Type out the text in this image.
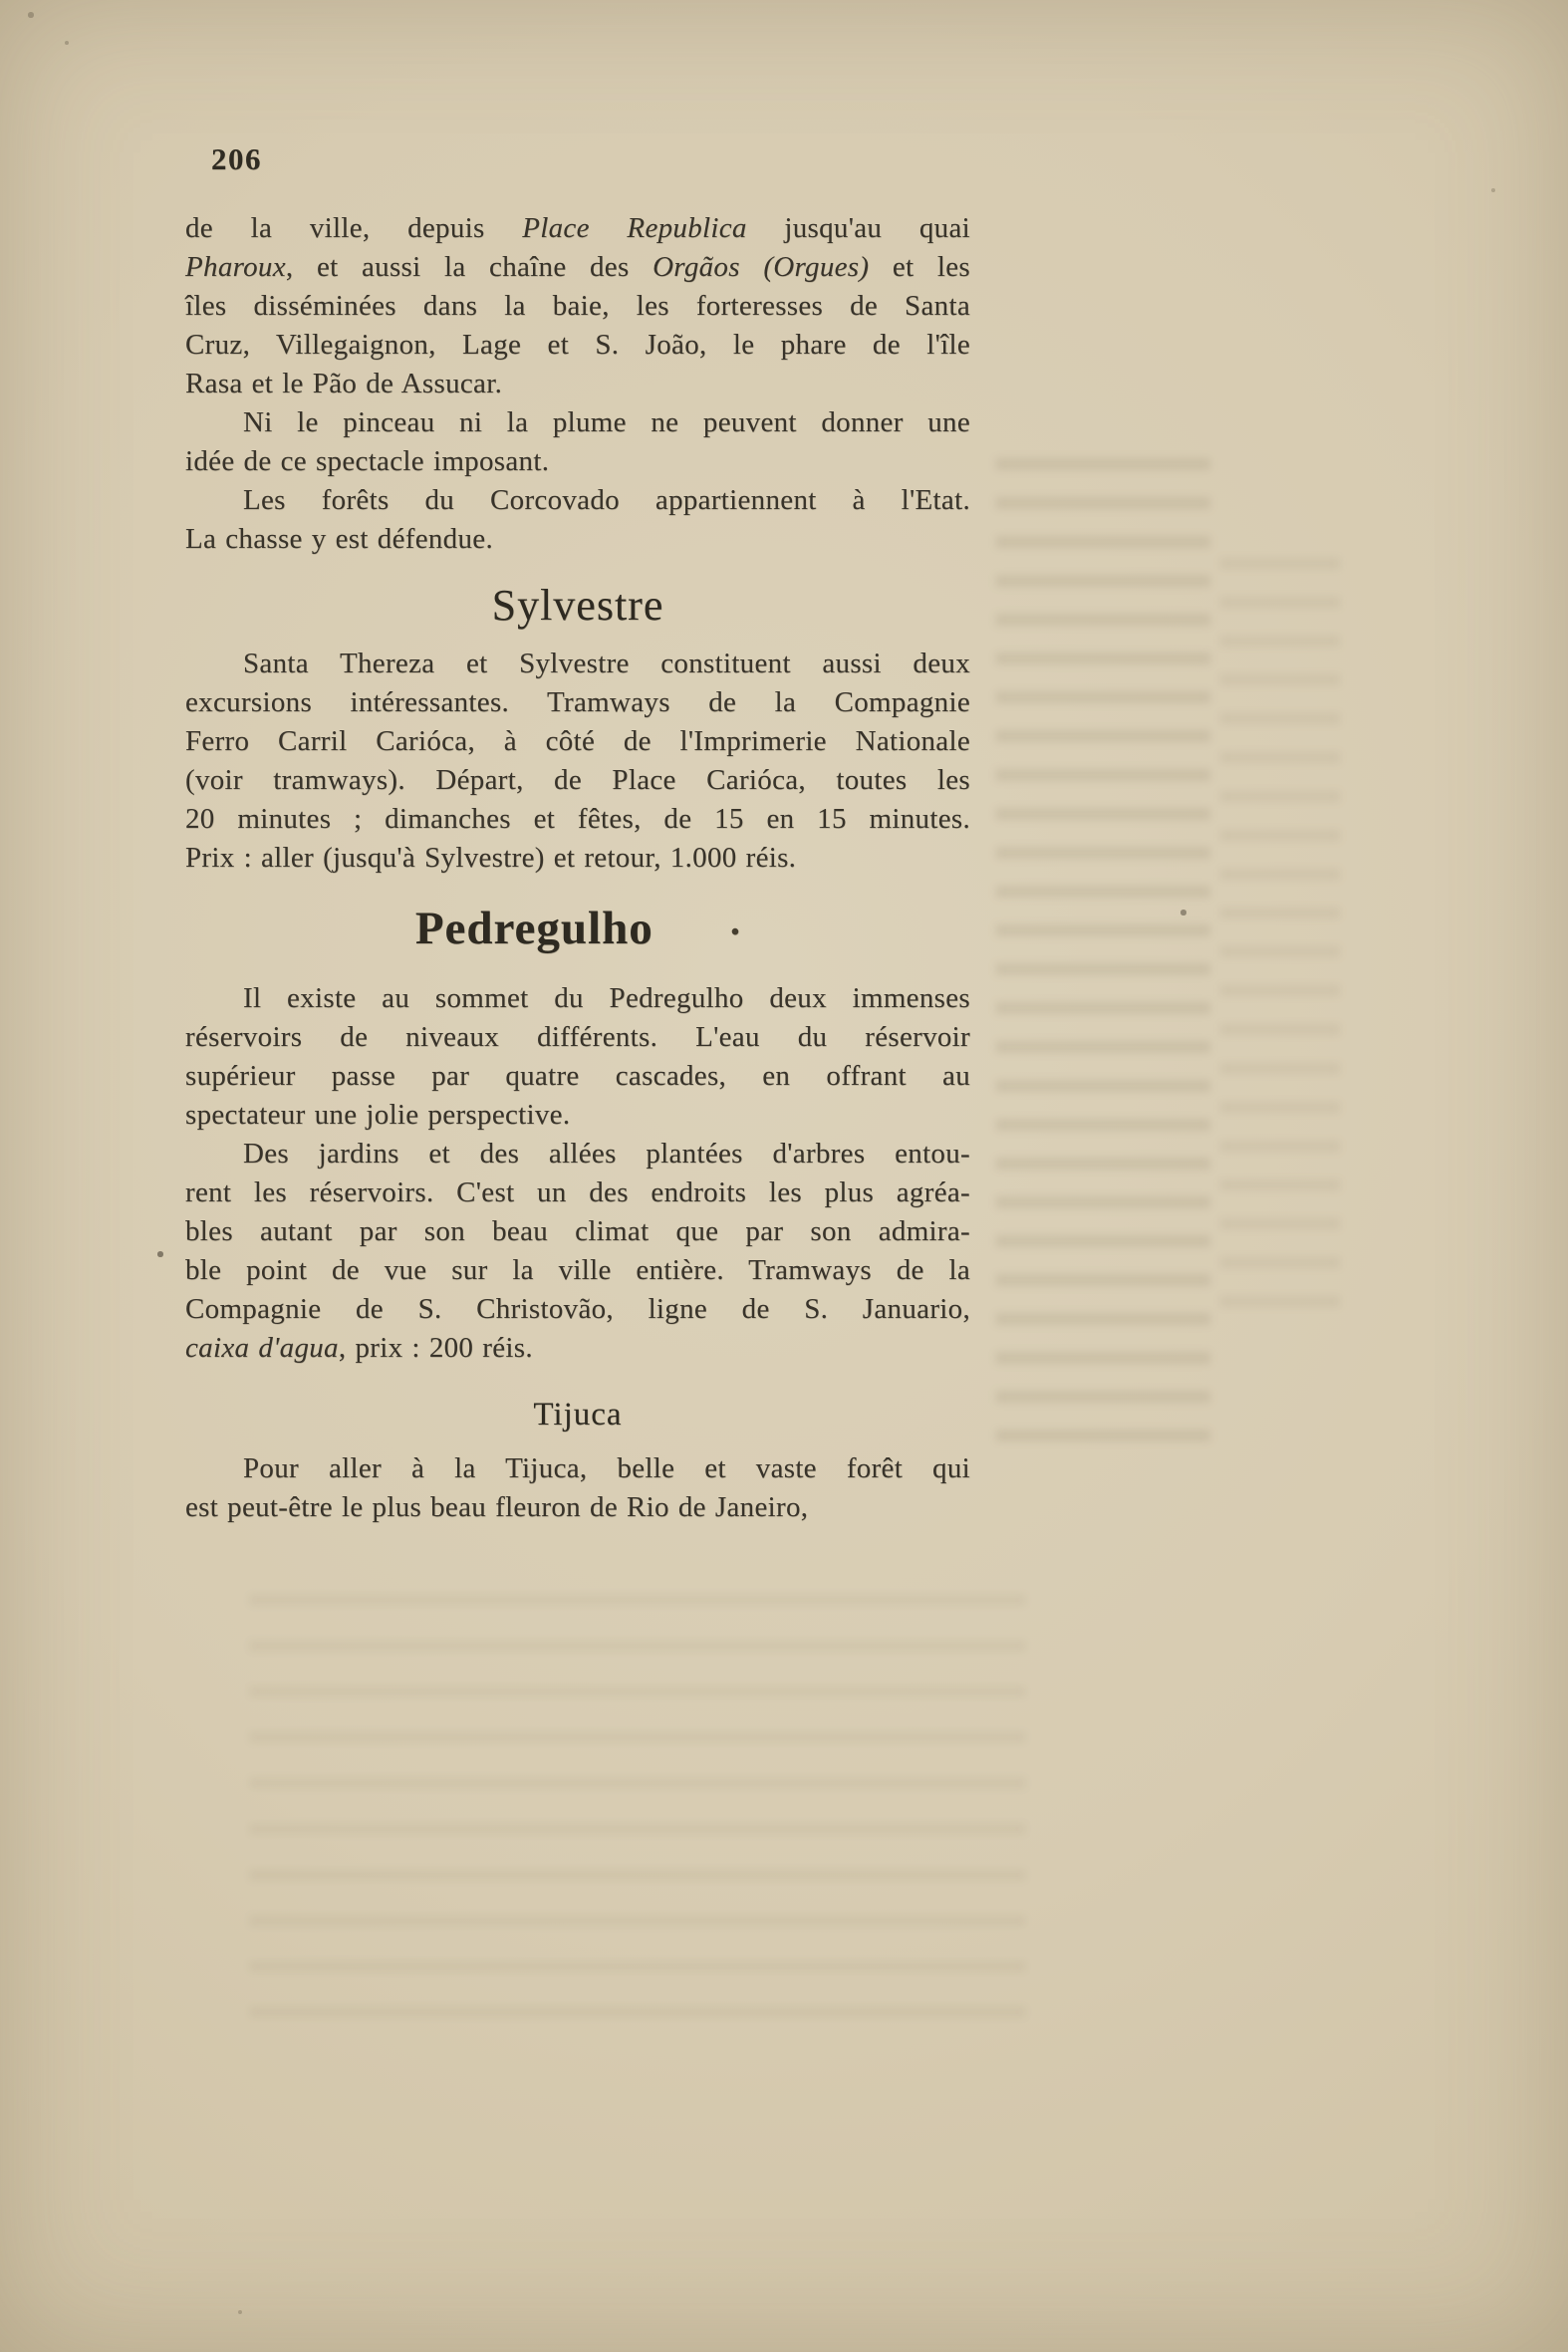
206
de la ville, depuis Place Republica jusqu'au quai
Pharoux, et aussi la chaîne des Orgãos (Orgues) et les
îles disséminées dans la baie, les forteresses de Santa
Cruz, Villegaignon, Lage et S. João, le phare de l'île
Rasa et le Pão de Assucar.
Ni le pinceau ni la plume ne peuvent donner une
idée de ce spectacle imposant.
Les forêts du Corcovado appartiennent à l'Etat.
La chasse y est défendue.
Sylvestre
Santa Thereza et Sylvestre constituent aussi deux
excursions intéressantes. Tramways de la Compagnie
Ferro Carril Carióca, à côté de l'Imprimerie Nationale
(voir tramways). Départ, de Place Carióca, toutes les
20 minutes ; dimanches et fêtes, de 15 en 15 minutes.
Prix : aller (jusqu'à Sylvestre) et retour, 1.000 réis.
Pedregulho	•
Il existe au sommet du Pedregulho deux immenses
réservoirs de niveaux différents. L'eau du réservoir
supérieur passe par quatre cascades, en offrant au
spectateur une jolie perspective.
Des jardins et des allées plantées d'arbres entou-
rent les réservoirs. C'est un des endroits les plus agréa-
bles autant par son beau climat que par son admira-
ble point de vue sur la ville entière. Tramways de la
Compagnie de S. Christovão, ligne de S. Januario,
caixa d'agua, prix : 200 réis.
Tijuca
Pour aller à la Tijuca, belle et vaste forêt qui
est peut-être le plus beau fleuron de Rio de Janeiro,
